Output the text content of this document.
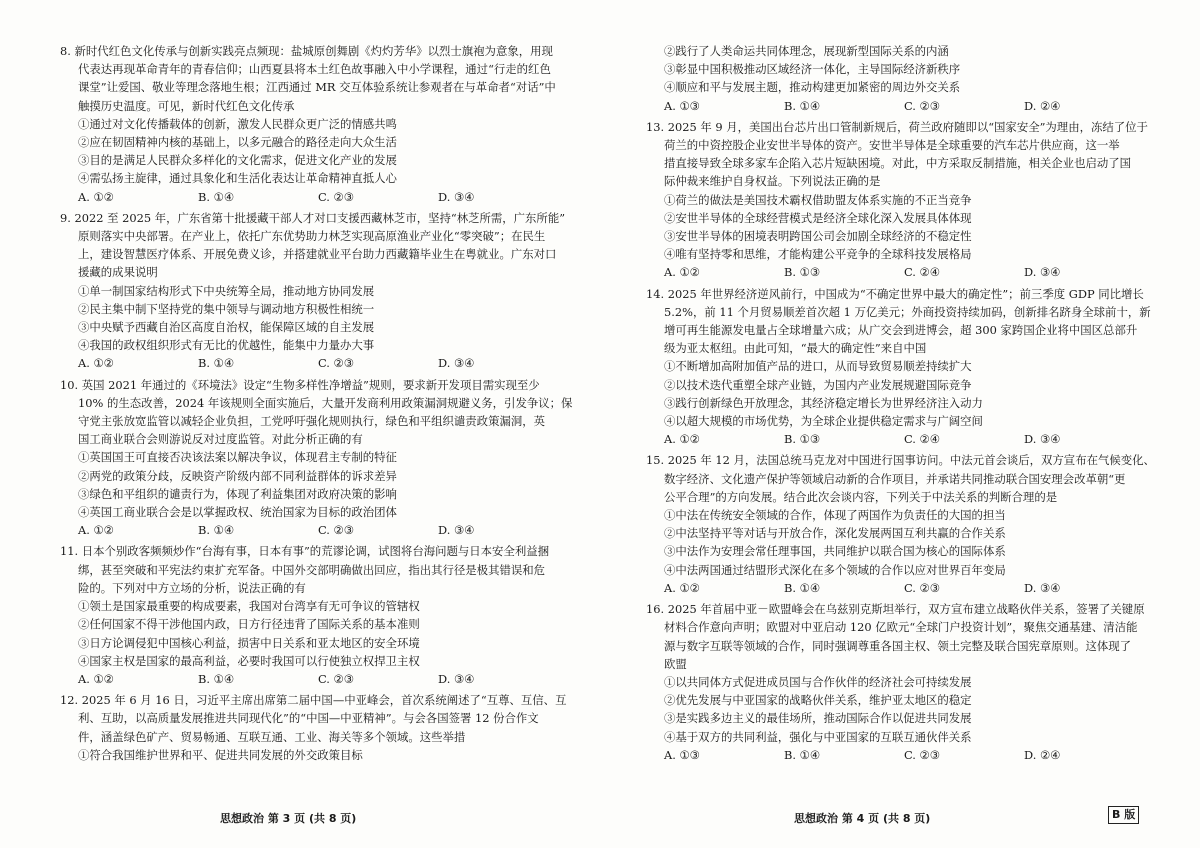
8. 新时代红色文化传承与创新实践亮点频现：盐城原创舞剧《灼灼芳华》以烈士旗袍为意象，用现
代表达再现革命青年的青春信仰；山西夏县将本土红色故事融入中小学课程，通过“行走的红色
课堂”让爱国、敬业等理念落地生根；江西通过 MR 交互体验系统让参观者在与革命者“对话”中
触摸历史温度。可见，新时代红色文化传承
①通过对文化传播载体的创新，激发人民群众更广泛的情感共鸣
②应在韧固精神内核的基础上，以多元融合的路径走向大众生活
③目的是满足人民群众多样化的文化需求，促进文化产业的发展
④需弘扬主旋律，通过具象化和生活化表达让革命精神直抵人心
A. ①②	B. ①④	C. ②③	D. ③④
9. 2022 至 2025 年，广东省第十批援藏干部人才对口支援西藏林芝市，坚持“林芝所需，广东所能”
原则落实中央部署。在产业上，依托广东优势助力林芝实现高原渔业产业化“零突破”；在民生
上，建设智慧医疗体系、开展免费义诊，并搭建就业平台助力西藏籍毕业生在粤就业。广东对口
援藏的成果说明
①单一制国家结构形式下中央统筹全局，推动地方协同发展
②民主集中制下坚持党的集中领导与调动地方积极性相统一
③中央赋予西藏自治区高度自治权，能保障区域的自主发展
④我国的政权组织形式有无比的优越性，能集中力量办大事
A. ①②	B. ①④	C. ②③	D. ③④
10. 英国 2021 年通过的《环境法》设定“生物多样性净增益”规则，要求新开发项目需实现至少
10% 的生态改善，2024 年该规则全面实施后，大量开发商利用政策漏洞规避义务，引发争议；保
守党主张放宽监管以减轻企业负担，工党呼吁强化规则执行，绿色和平组织谴责政策漏洞，英
国工商业联合会则游说反对过度监管。对此分析正确的有
①英国国王可直接否决该法案以解决争议，体现君主专制的特征
②两党的政策分歧，反映资产阶级内部不同利益群体的诉求差异
③绿色和平组织的谴责行为，体现了利益集团对政府决策的影响
④英国工商业联合会是以掌握政权、统治国家为目标的政治团体
A. ①②	B. ①④	C. ②③	D. ③④
11. 日本个别政客频频炒作“台海有事，日本有事”的荒谬论调，试图将台海问题与日本安全利益捆
绑，甚至突破和平宪法约束扩充军备。中国外交部明确做出回应，指出其行径是极其错误和危
险的。下列对中方立场的分析，说法正确的有
①领土是国家最重要的构成要素，我国对台湾享有无可争议的管辖权
②任何国家不得干涉他国内政，日方行径违背了国际关系的基本准则
③日方论调侵犯中国核心利益，损害中日关系和亚太地区的安全环境
④国家主权是国家的最高利益，必要时我国可以行使独立权捍卫主权
A. ①②	B. ①④	C. ②③	D. ③④
12. 2025 年 6 月 16 日，习近平主席出席第二届中国—中亚峰会，首次系统阐述了“互尊、互信、互
利、互助，以高质量发展推进共同现代化”的“中国—中亚精神”。与会各国签署 12 份合作文
件，涵盖绿色矿产、贸易畅通、互联互通、工业、海关等多个领域。这些举措
①符合我国维护世界和平、促进共同发展的外交政策目标
②践行了人类命运共同体理念，展现新型国际关系的内涵
③彰显中国积极推动区域经济一体化，主导国际经济新秩序
④顺应和平与发展主题，推动构建更加紧密的周边外交关系
A. ①③	B. ①④	C. ②③	D. ②④
13. 2025 年 9 月，美国出台芯片出口管制新规后，荷兰政府随即以“国家安全”为理由，冻结了位于
荷兰的中资控股企业安世半导体的资产。安世半导体是全球重要的汽车芯片供应商，这一举
措直接导致全球多家车企陷入芯片短缺困境。对此，中方采取反制措施，相关企业也启动了国
际仲裁来维护自身权益。下列说法正确的是
①荷兰的做法是美国技术霸权借助盟友体系实施的不正当竞争
②安世半导体的全球经营模式是经济全球化深入发展具体体现
③安世半导体的困境表明跨国公司会加剧全球经济的不稳定性
④唯有坚持零和思维，才能构建公平竞争的全球科技发展格局
A. ①②	B. ①③	C. ②④	D. ③④
14. 2025 年世界经济逆风前行，中国成为“不确定世界中最大的确定性”；前三季度 GDP 同比增长
5.2%，前 11 个月贸易顺差首次超 1 万亿美元；外商投资持续加码，创新排名跻身全球前十，新
增可再生能源发电量占全球增量六成；从广交会到进博会，超 300 家跨国企业将中国区总部升
级为亚太枢纽。由此可知，“最大的确定性”来自中国
①不断增加高附加值产品的进口，从而导致贸易顺差持续扩大
②以技术迭代重塑全球产业链，为国内产业发展规避国际竞争
③践行创新绿色开放理念，其经济稳定增长为世界经济注入动力
④以超大规模的市场优势，为全球企业提供稳定需求与广阔空间
A. ①②	B. ①③	C. ②④	D. ③④
15. 2025 年 12 月，法国总统马克龙对中国进行国事访问。中法元首会谈后，双方宣布在气候变化、
数字经济、文化遗产保护等领域启动新的合作项目，并承诺共同推动联合国安理会改革朝“更
公平合理”的方向发展。结合此次会谈内容，下列关于中法关系的判断合理的是
①中法在传统安全领域的合作，体现了两国作为负责任的大国的担当
②中法坚持平等对话与开放合作，深化发展两国互利共赢的合作关系
③中法作为安理会常任理事国，共同维护以联合国为核心的国际体系
④中法两国通过结盟形式深化在多个领域的合作以应对世界百年变局
A. ①②	B. ①④	C. ②③	D. ③④
16. 2025 年首届中亚－欧盟峰会在乌兹别克斯坦举行，双方宣布建立战略伙伴关系，签署了关键原
材料合作意向声明；欧盟对中亚启动 120 亿欧元“全球门户投资计划”，聚焦交通基建、清洁能
源与数字互联等领域的合作，同时强调尊重各国主权、领土完整及联合国宪章原则。这体现了
欧盟
①以共同体方式促进成员国与合作伙伴的经济社会可持续发展
②优先发展与中亚国家的战略伙伴关系，维护亚太地区的稳定
③是实践多边主义的最佳场所，推动国际合作以促进共同发展
④基于双方的共同利益，强化与中亚国家的互联互通伙伴关系
A. ①③	B. ①④	C. ②③	D. ②④
思想政治 第 3 页 (共 8 页)	思想政治 第 4 页 (共 8 页)	B 版
